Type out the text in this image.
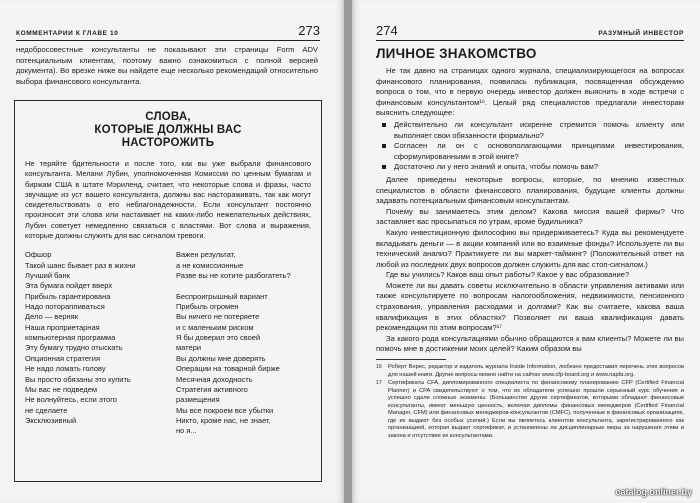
КОММЕНТАРИИ К ГЛАВЕ 10	273

недобросовестные консультанты не показывают эти страницы Form ADV потенциальным клиентам, поэтому важно ознакомиться с полной версией документа). Во врезке ниже вы найдете еще несколько рекомендаций относительно выбора финансового консультанта.

СЛОВА,
КОТОРЫЕ ДОЛЖНЫ ВАС
НАСТОРОЖИТЬ

Не теряйте бдительности и после того, как вы уже выбрали финансового консультанта. Мелани Лубин, уполномоченная Комиссии по ценным бумагам и биржам США в штате Мэриленд, считает, что некоторые слова и фразы, часто звучащие из уст вашего консультанта, должны вас настораживать, так как могут свидетельствовать о его неблагонадежности. Если консультант постоянно произносит эти слова или настаивает на каких-либо нежелательных действиях, Лубин советует немедленно связаться с властями. Вот слова и выражения, которые должны служить для вас сигналом тревоги.

Офшор
Такой шанс бывает раз в жизни
Лучший банк
Эта бумага пойдет вверх
Прибыль гарантирована
Надо поторапливаться
Дело — верняк
Наша проприетарная
компьютерная программа
Эту бумагу трудно отыскать
Опционная стратегия
Не надо ломать голову
Вы просто обязаны это купить
Мы вас не подведем
Не волнуйтесь, если этого
не сделаете
Эксклюзивный
Важен результат,
а не комиссионные
Разве вы не хотите разбогатеть?

Беспроигрышный вариант
Прибыль огромен
Вы ничего не потеряете
и с маленьким риском
Я бы доверил это своей
матери
Вы должны мне доверять
Операции на товарной бирже
Месячная доходность
Стратегия активного
размещения
Мы все покроем все убытки
Никто, кроме нас, не знает,
но я...
274	РАЗУМНЫЙ ИНВЕСТОР
ЛИЧНОЕ ЗНАКОМСТВО

Не так давно на страницах одного журнала, специализирующегося на вопросах финансового планирования, появилась публикация, посвященная обсуждению вопроса о том, что в первую очередь инвестор должен выяснить в ходе встречи с финансовым консультантом¹⁶. Целый ряд специалистов предлагали инвесторам выяснить следующее:

Действительно ли консультант искренне стремится помочь клиенту или выполняет свои обязанности формально?
Согласен ли он с основополагающими принципами инвестирования, сформулированными в этой книге?
Достаточно ли у него знаний и опыта, чтобы помочь вам?

Далее приведены некоторые вопросы, которые, по мнению известных специалистов в области финансового планирования, будущие клиенты должны задавать потенциальным финансовым консультантам.

Почему вы занимаетесь этим делом? Какова миссия вашей фирмы? Что заставляет вас просыпаться по утрам, кроме будильника?

Какую инвестиционную философию вы придерживаетесь? Куда вы рекомендуете вкладывать деньги — в акции компаний или во взаимные фонды? Используете ли вы технический анализ? Практикуете ли вы маркет-тайминг? (Положительный ответ на любой из последних двух вопросов должен служить для вас стоп-сигналом.)

Где вы учились? Каков ваш опыт работы? Какое у вас образование?

Можете ли вы давать советы исключительно в области управления активами или также консультируете по вопросам налогообложения, недвижимости, пенсионного страхования, управления расходами и долгами? Как вы считаете, какова ваша квалификация в этих областях? Позволяет ли ваша квалификация давать рекомендации по этим вопросам?¹⁷

За какого рода консультациями обычно обращаются к вам клиенты? Можете ли вы помочь мне в достижении моих целей? Каким образом вы

16	Роберт Верес, редактор и издатель журнала Inside Information, любезно предоставил перечень этих вопросов для нашей книги. Другие вопросы можно найти на сайтах www.cfp-board.org и www.napfa.org.
17	Сертификаты CFA, дипломированного специалиста по финансовому планированию CFP (Certified Financial Planner) и CPA свидетельствуют о том, что их обладатели успешно прошли серьезный курс обучения и успешно сдали сложные экзамены. (Большинство других сертификатов, которыми обладают финансовые консультанты, имеют меньшую ценность, включая дипломы финансовых менеджеров (Certified Financial Manager, CFM) или финансовых менеджеров-консультантов (CMFC), полученные в финансовых организациях, где их выдают без особых усилий.) Если вы являетесь клиентом консультанта, зарегистрированного как организацией, которая выдает сертификат, и установлены ли дисциплинарные меры за нарушения этики и закона и отсутствие их консультантами.
catalog.onliner.by
